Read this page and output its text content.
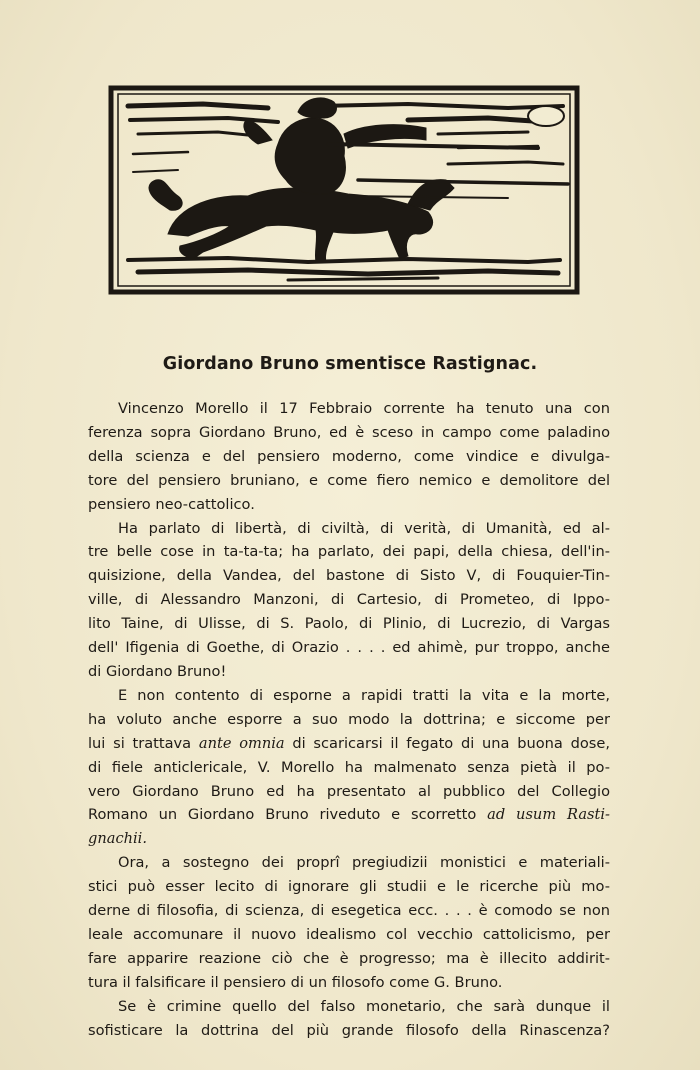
Giordano Bruno smentisce Rastignac.

Vincenzo Morello il 17 Febbraio corrente ha tenuto una con
ferenza sopra Giordano Bruno, ed è sceso in campo come paladino
della scienza e del pensiero moderno, come vindice e divulga-
tore del pensiero bruniano, e come fiero nemico e demolitore del
pensiero neo-cattolico.

Ha parlato di libertà, di civiltà, di verità, di Umanità, ed al-
tre belle cose in ta-ta-ta; ha parlato, dei papi, della chiesa, dell'in-
quisizione, della Vandea, del bastone di Sisto V, di Fouquier-Tin-
ville, di Alessandro Manzoni, di Cartesio, di Prometeo, di Ippo-
lito Taine, di Ulisse, di S. Paolo, di Plinio, di Lucrezio, di Vargas
dell' Ifigenia di Goethe, di Orazio . . . . ed ahimè, pur troppo, anche
di Giordano Bruno!

E non contento di esporne a rapidi tratti la vita e la morte,
ha voluto anche esporre a suo modo la dottrina; e siccome per
lui si trattava ante omnia di scaricarsi il fegato di una buona dose,
di fiele anticlericale, V. Morello ha malmenato senza pietà il po-
vero Giordano Bruno ed ha presentato al pubblico del Collegio
Romano un Giordano Bruno riveduto e scorretto ad usum Rasti-
gnachii.

Ora, a sostegno dei proprî pregiudizii monistici e materiali-
stici può esser lecito di ignorare gli studii e le ricerche più mo-
derne di filosofia, di scienza, di esegetica ecc. . . . è comodo se non
leale accomunare il nuovo idealismo col vecchio cattolicismo, per
fare apparire reazione ciò che è progresso; ma è illecito addirit-
tura il falsificare il pensiero di un filosofo come G. Bruno.

Se è crimine quello del falso monetario, che sarà dunque il
sofisticare la dottrina del più grande filosofo della Rinascenza?
